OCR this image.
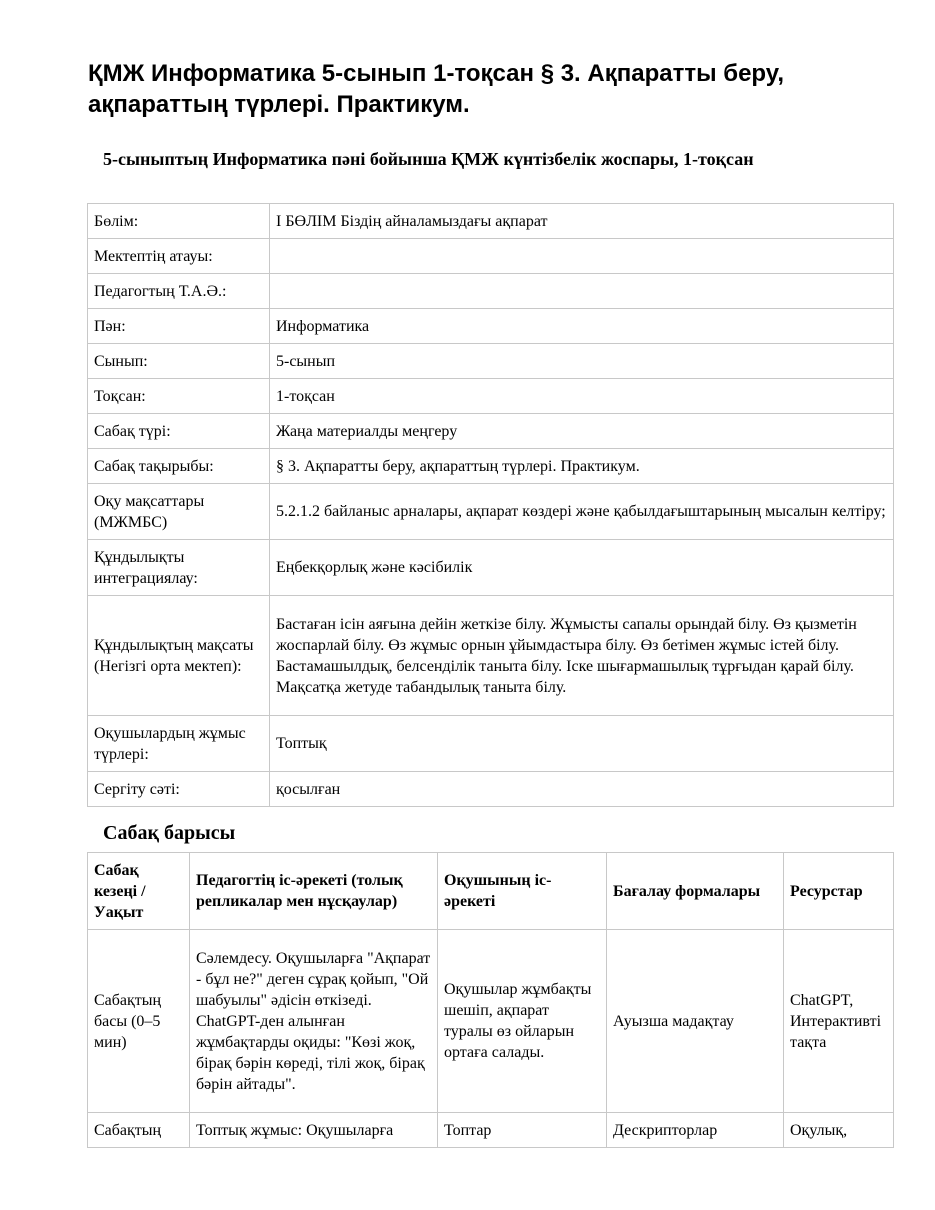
ҚМЖ Информатика 5-сынып 1-тоқсан § 3. Ақпаратты беру, ақпараттың түрлері. Практикум.
5-сыныптың Информатика пәні бойынша ҚМЖ күнтізбелік жоспары, 1-тоқсан
Бөлім:	I БӨЛІМ Біздің айналамыздағы ақпарат
Мектептің атауы:	
Педагогтың Т.А.Ә.:	
Пән:	Информатика
Сынып:	5-сынып
Тоқсан:	1-тоқсан
Сабақ түрі:	Жаңа материалды меңгеру
Сабақ тақырыбы:	§ 3. Ақпаратты беру, ақпараттың түрлері. Практикум.
Оқу мақсаттары (МЖМБС)	5.2.1.2 байланыс арналары, ақпарат көздері және қабылдағыштарының мысалын келтіру;
Құндылықты интеграциялау:	Еңбекқорлық және кәсібилік
Құндылықтың мақсаты (Негізгі орта мектеп):	Бастаған ісін аяғына дейін жеткізе білу. Жұмысты сапалы орындай білу. Өз қызметін жоспарлай білу. Өз жұмыс орнын ұйымдастыра білу. Өз бетімен жұмыс істей білу. Бастамашылдық, белсенділік таныта білу. Іске шығармашылық тұрғыдан қарай білу. Мақсатқа жетуде табандылық таныта білу.
Оқушылардың жұмыс түрлері:	Топтық
Сергіту сәті:	қосылған
Сабақ барысы
Сабақ кезеңі / Уақыт	Педагогтің іс-әрекеті (толық репликалар мен нұсқаулар)	Оқушының іс-әрекеті	Бағалау формалары	Ресурстар
Сабақтың басы (0–5 мин)	Сәлемдесу. Оқушыларға "Ақпарат - бұл не?" деген сұрақ қойып, "Ой шабуылы" әдісін өткізеді. ChatGPT-ден алынған жұмбақтарды оқиды: "Көзі жоқ, бірақ бәрін көреді, тілі жоқ, бірақ бәрін айтады".	Оқушылар жұмбақты шешіп, ақпарат туралы өз ойларын ортаға салады.	Ауызша мадақтау	ChatGPT, Интерактивті тақта
Сабақтың	Топтық жұмыс: Оқушыларға	Топтар	Дескрипторлар	Оқулық,
